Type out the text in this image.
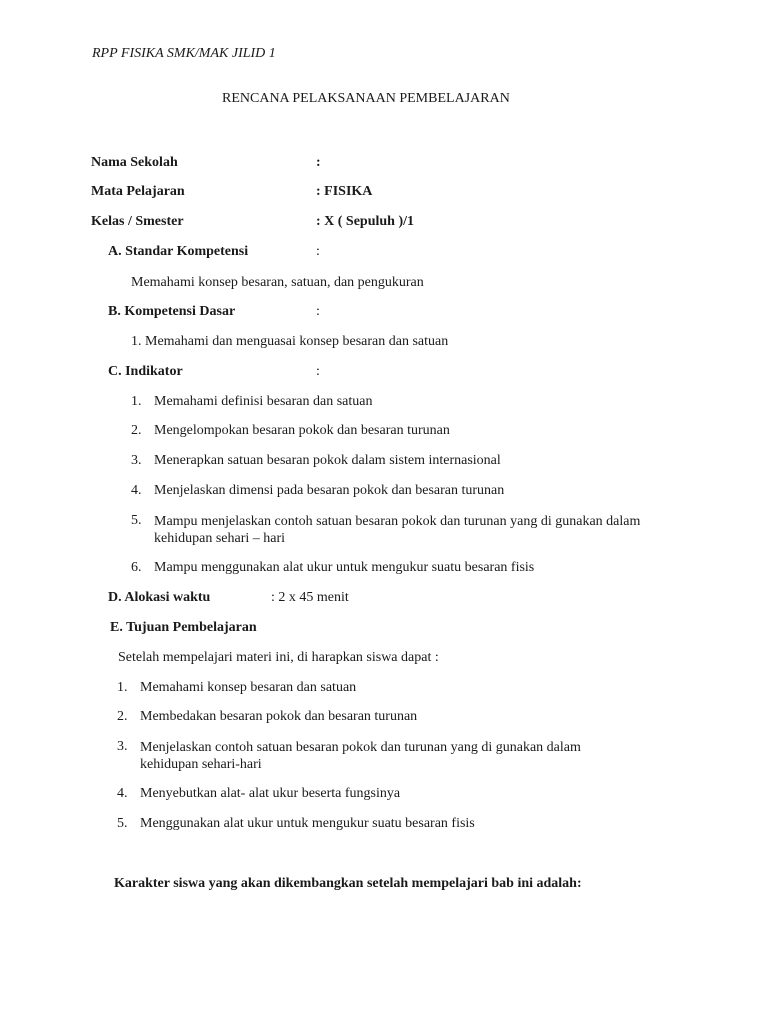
RPP FISIKA SMK/MAK JILID 1
RENCANA PELAKSANAAN PEMBELAJARAN
Nama Sekolah	:
Mata Pelajaran	: FISIKA
Kelas / Smester	: X ( Sepuluh )/1
A. Standar Kompetensi	:
Memahami konsep besaran, satuan, dan pengukuran
B. Kompetensi Dasar	:
1. Memahami dan menguasai konsep besaran dan satuan
C. Indikator	:
1. Memahami definisi besaran dan satuan
2. Mengelompokan besaran pokok dan besaran turunan
3. Menerapkan satuan besaran pokok dalam sistem internasional
4. Menjelaskan dimensi pada besaran pokok dan besaran turunan
5. Mampu menjelaskan contoh satuan besaran pokok dan turunan yang di gunakan dalam kehidupan sehari – hari
6. Mampu menggunakan alat ukur untuk mengukur suatu besaran fisis
D. Alokasi waktu	: 2 x 45 menit
E. Tujuan Pembelajaran
Setelah mempelajari materi ini, di harapkan siswa dapat :
1. Memahami konsep besaran dan satuan
2. Membedakan besaran pokok dan besaran turunan
3. Menjelaskan contoh satuan besaran pokok dan turunan yang di gunakan dalam kehidupan sehari-hari
4. Menyebutkan alat- alat ukur beserta fungsinya
5. Menggunakan alat ukur untuk mengukur suatu besaran fisis
Karakter siswa yang akan dikembangkan setelah mempelajari bab ini adalah:
